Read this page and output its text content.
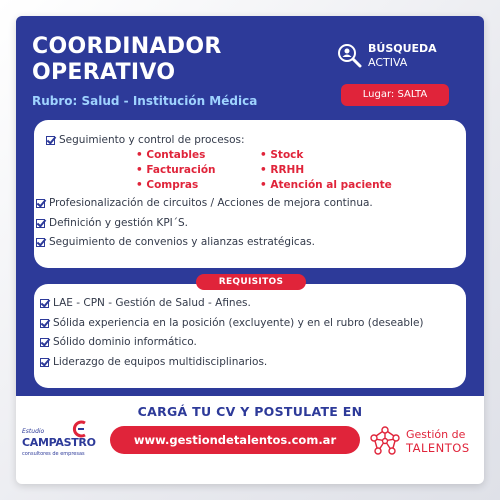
COORDINADOR
OPERATIVO
Rubro: Salud - Institución Médica
BÚSQUEDA
ACTIVA
Lugar: SALTA
Seguimiento y control de procesos:
• Contables
• Facturación
• Compras
• Stock
• RRHH
• Atención al paciente
Profesionalización de circuitos / Acciones de mejora continua.
Definición y gestión KPI´S.
Seguimiento de convenios y alianzas estratégicas.
REQUISITOS
LAE - CPN - Gestión de Salud - Afines.
Sólida experiencia en la posición (excluyente) y en el rubro (deseable)
Sólido dominio informático.
Liderazgo de equipos multidisciplinarios.
CARGÁ TU CV Y POSTULATE EN
www.gestiondetalentos.com.ar
Estudio
CAMPASTRO
consultores de empresas
Gestión de
TALENTOS
